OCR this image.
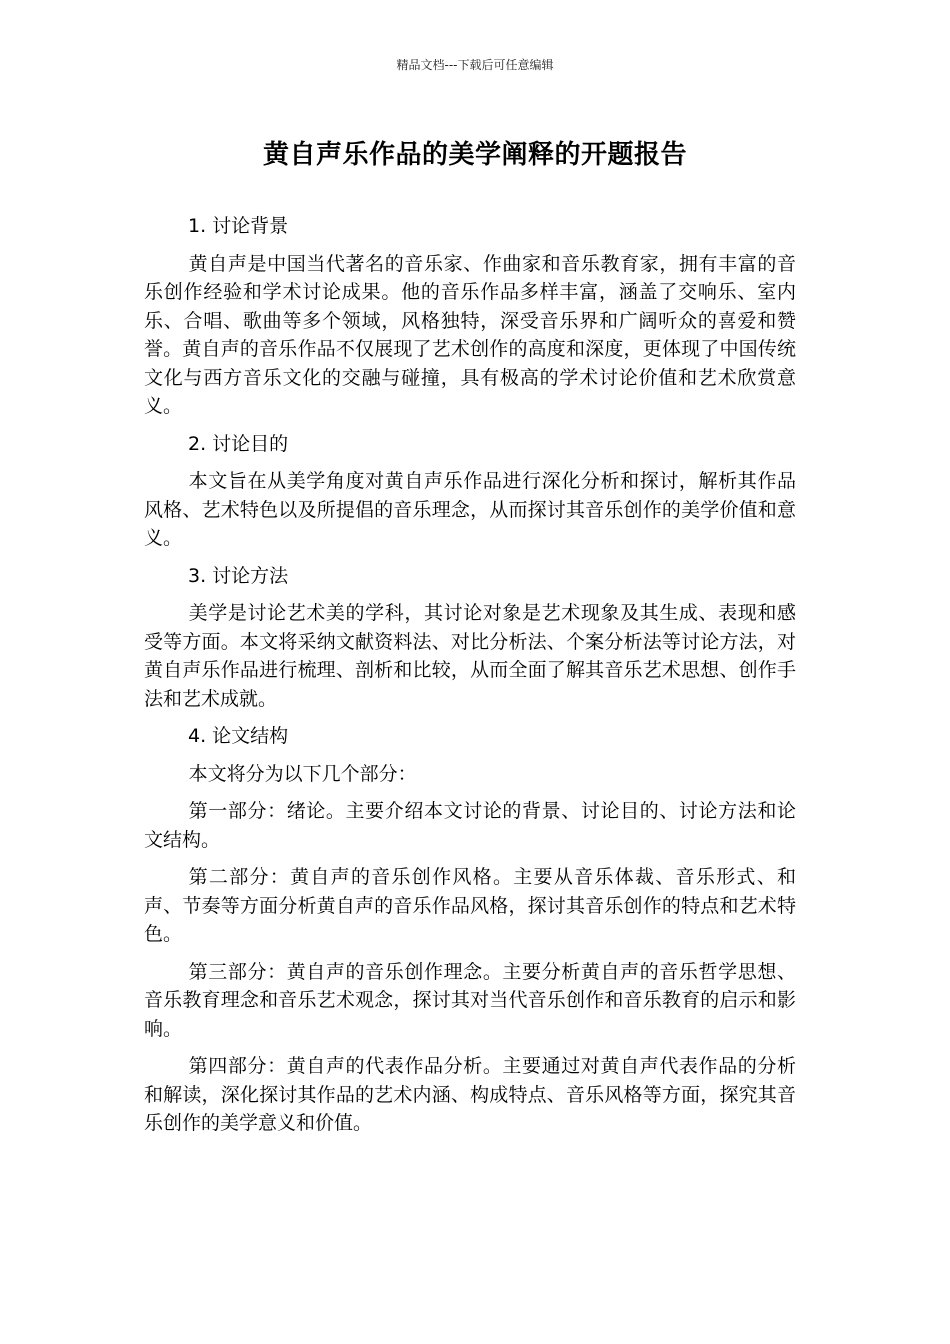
精品文档---下载后可任意编辑
黄自声乐作品的美学阐释的开题报告
1. 讨论背景

黄自声是中国当代著名的音乐家、作曲家和音乐教育家，拥有丰富的音乐创作经验和学术讨论成果。他的音乐作品多样丰富，涵盖了交响乐、室内乐、合唱、歌曲等多个领域，风格独特，深受音乐界和广阔听众的喜爱和赞誉。黄自声的音乐作品不仅展现了艺术创作的高度和深度，更体现了中国传统文化与西方音乐文化的交融与碰撞，具有极高的学术讨论价值和艺术欣赏意义。

2. 讨论目的

本文旨在从美学角度对黄自声乐作品进行深化分析和探讨，解析其作品风格、艺术特色以及所提倡的音乐理念，从而探讨其音乐创作的美学价值和意义。

3. 讨论方法

美学是讨论艺术美的学科，其讨论对象是艺术现象及其生成、表现和感受等方面。本文将采纳文献资料法、对比分析法、个案分析法等讨论方法，对黄自声乐作品进行梳理、剖析和比较，从而全面了解其音乐艺术思想、创作手法和艺术成就。

4. 论文结构

本文将分为以下几个部分：

第一部分：绪论。主要介绍本文讨论的背景、讨论目的、讨论方法和论文结构。

第二部分：黄自声的音乐创作风格。主要从音乐体裁、音乐形式、和声、节奏等方面分析黄自声的音乐作品风格，探讨其音乐创作的特点和艺术特色。

第三部分：黄自声的音乐创作理念。主要分析黄自声的音乐哲学思想、音乐教育理念和音乐艺术观念，探讨其对当代音乐创作和音乐教育的启示和影响。

第四部分：黄自声的代表作品分析。主要通过对黄自声代表作品的分析和解读，深化探讨其作品的艺术内涵、构成特点、音乐风格等方面，探究其音乐创作的美学意义和价值。
